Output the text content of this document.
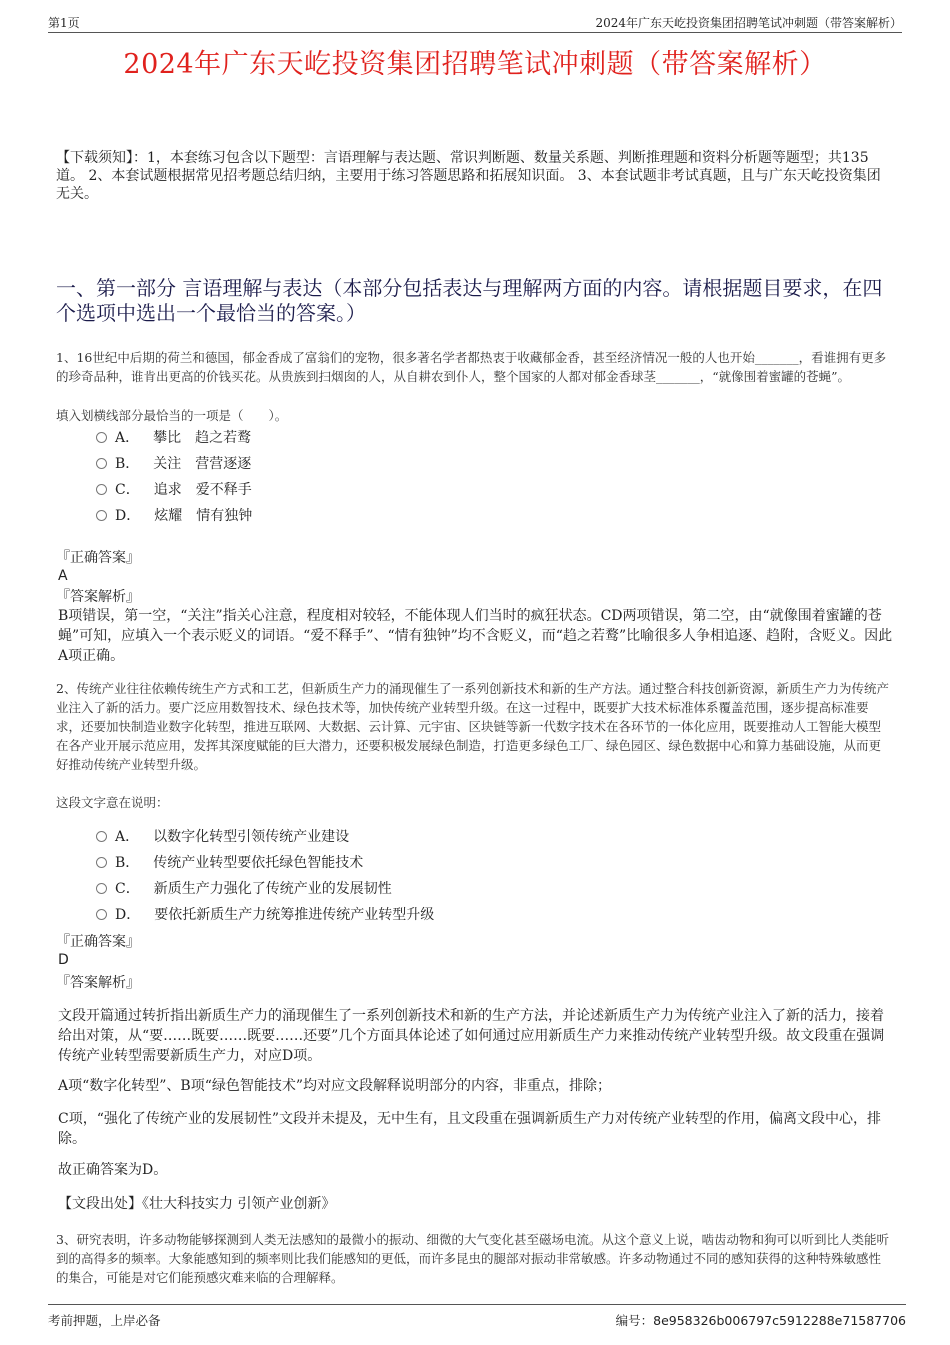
第1页	2024年广东天屹投资集团招聘笔试冲刺题（带答案解析）
2024年广东天屹投资集团招聘笔试冲刺题（带答案解析）
【下载须知】：1，本套练习包含以下题型：言语理解与表达题、常识判断题、数量关系题、判断推理题和资料分析题等题型；共135道。 2、本套试题根据常见招考题总结归纳，主要用于练习答题思路和拓展知识面。 3、本套试题非考试真题，且与广东天屹投资集团无关。
一、第一部分 言语理解与表达（本部分包括表达与理解两方面的内容。请根据题目要求，在四个选项中选出一个最恰当的答案。）
1、16世纪中后期的荷兰和德国，郁金香成了富翁们的宠物，很多著名学者都热衷于收藏郁金香，甚至经济情况一般的人也开始_______，看谁拥有更多的珍奇品种，谁肯出更高的价钱买花。从贵族到扫烟囱的人，从自耕农到仆人，整个国家的人都对郁金香球茎_______，“就像围着蜜罐的苍蝇”。
填入划横线部分最恰当的一项是（　　）。
A． 攀比　趋之若鹜
B． 关注　营营逐逐
C． 追求　爱不释手
D． 炫耀　情有独钟
『正确答案』
A
『答案解析』
B项错误，第一空，“关注”指关心注意，程度相对较轻，不能体现人们当时的疯狂状态。CD两项错误，第二空，由“就像围着蜜罐的苍蝇”可知，应填入一个表示贬义的词语。“爱不释手”、“情有独钟”均不含贬义，而“趋之若鹜”比喻很多人争相追逐、趋附，含贬义。因此A项正确。
2、传统产业往往依赖传统生产方式和工艺，但新质生产力的涌现催生了一系列创新技术和新的生产方法。通过整合科技创新资源，新质生产力为传统产业注入了新的活力。要广泛应用数智技术、绿色技术等，加快传统产业转型升级。在这一过程中，既要扩大技术标准体系覆盖范围，逐步提高标准要求，还要加快制造业数字化转型，推进互联网、大数据、云计算、元宇宙、区块链等新一代数字技术在各环节的一体化应用，既要推动人工智能大模型在各产业开展示范应用，发挥其深度赋能的巨大潜力，还要积极发展绿色制造，打造更多绿色工厂、绿色园区、绿色数据中心和算力基础设施，从而更好推动传统产业转型升级。
这段文字意在说明：
A． 以数字化转型引领传统产业建设
B． 传统产业转型要依托绿色智能技术
C． 新质生产力强化了传统产业的发展韧性
D． 要依托新质生产力统筹推进传统产业转型升级
『正确答案』
D
『答案解析』
文段开篇通过转折指出新质生产力的涌现催生了一系列创新技术和新的生产方法，并论述新质生产力为传统产业注入了新的活力，接着给出对策，从“要……既要……既要……还要”几个方面具体论述了如何通过应用新质生产力来推动传统产业转型升级。故文段重在强调传统产业转型需要新质生产力，对应D项。
A项“数字化转型”、B项“绿色智能技术”均对应文段解释说明部分的内容，非重点，排除；
C项，“强化了传统产业的发展韧性”文段并未提及，无中生有，且文段重在强调新质生产力对传统产业转型的作用，偏离文段中心，排除。
故正确答案为D。
【文段出处】《壮大科技实力 引领产业创新》
3、研究表明，许多动物能够探测到人类无法感知的最微小的振动、细微的大气变化甚至磁场电流。从这个意义上说，啮齿动物和狗可以听到比人类能听到的高得多的频率。大象能感知到的频率则比我们能感知的更低，而许多昆虫的腿部对振动非常敏感。许多动物通过不同的感知获得的这种特殊敏感性的集合，可能是对它们能预感灾难来临的合理解释。
考前押题，上岸必备	编号：8e958326b006797c5912288e71587706
